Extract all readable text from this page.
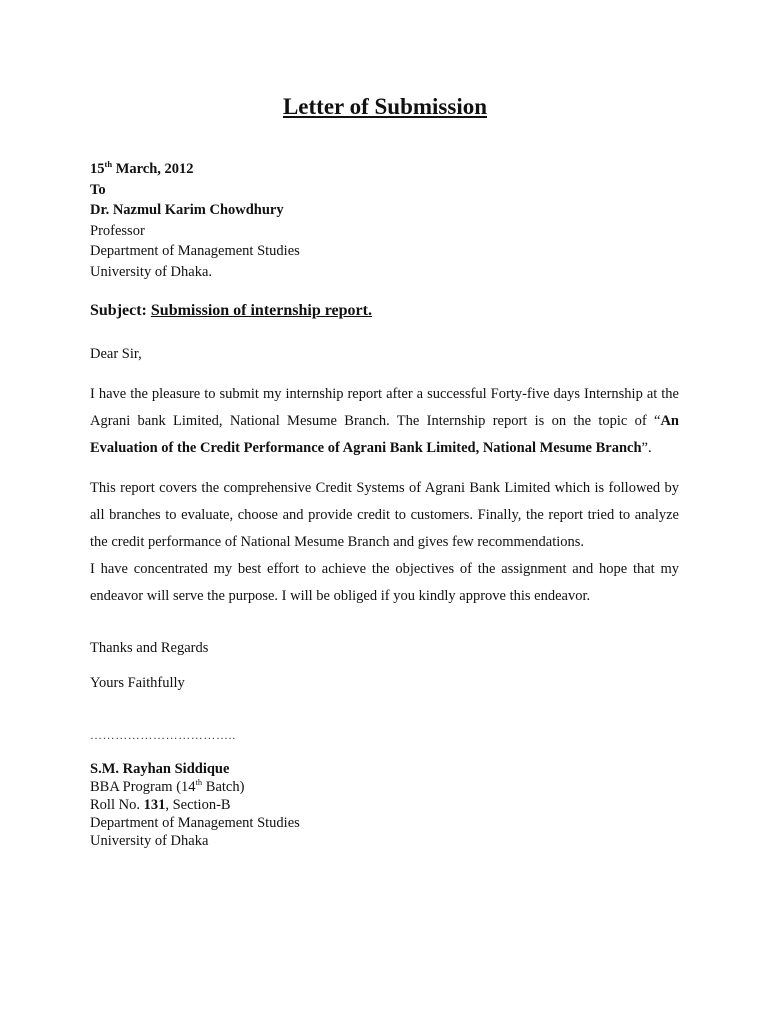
Letter of Submission
15th March, 2012
To
Dr. Nazmul Karim Chowdhury
Professor
Department of Management Studies
University of Dhaka.
Subject: Submission of internship report.
Dear Sir,

I have the pleasure to submit my internship report after a successful Forty-five days Internship at the Agrani bank Limited, National Mesume Branch. The Internship report is on the topic of “An Evaluation of the Credit Performance of Agrani Bank Limited, National Mesume Branch”.

This report covers the comprehensive Credit Systems of Agrani Bank Limited which is followed by all branches to evaluate, choose and provide credit to customers. Finally, the report tried to analyze the credit performance of National Mesume Branch and gives few recommendations.

I have concentrated my best effort to achieve the objectives of the assignment and hope that my endeavor will serve the purpose. I will be obliged if you kindly approve this endeavor.

Thanks and Regards
Yours Faithfully
……………………………..
S.M. Rayhan Siddique
BBA Program (14th Batch)
Roll No. 131, Section-B
Department of Management Studies
University of Dhaka
